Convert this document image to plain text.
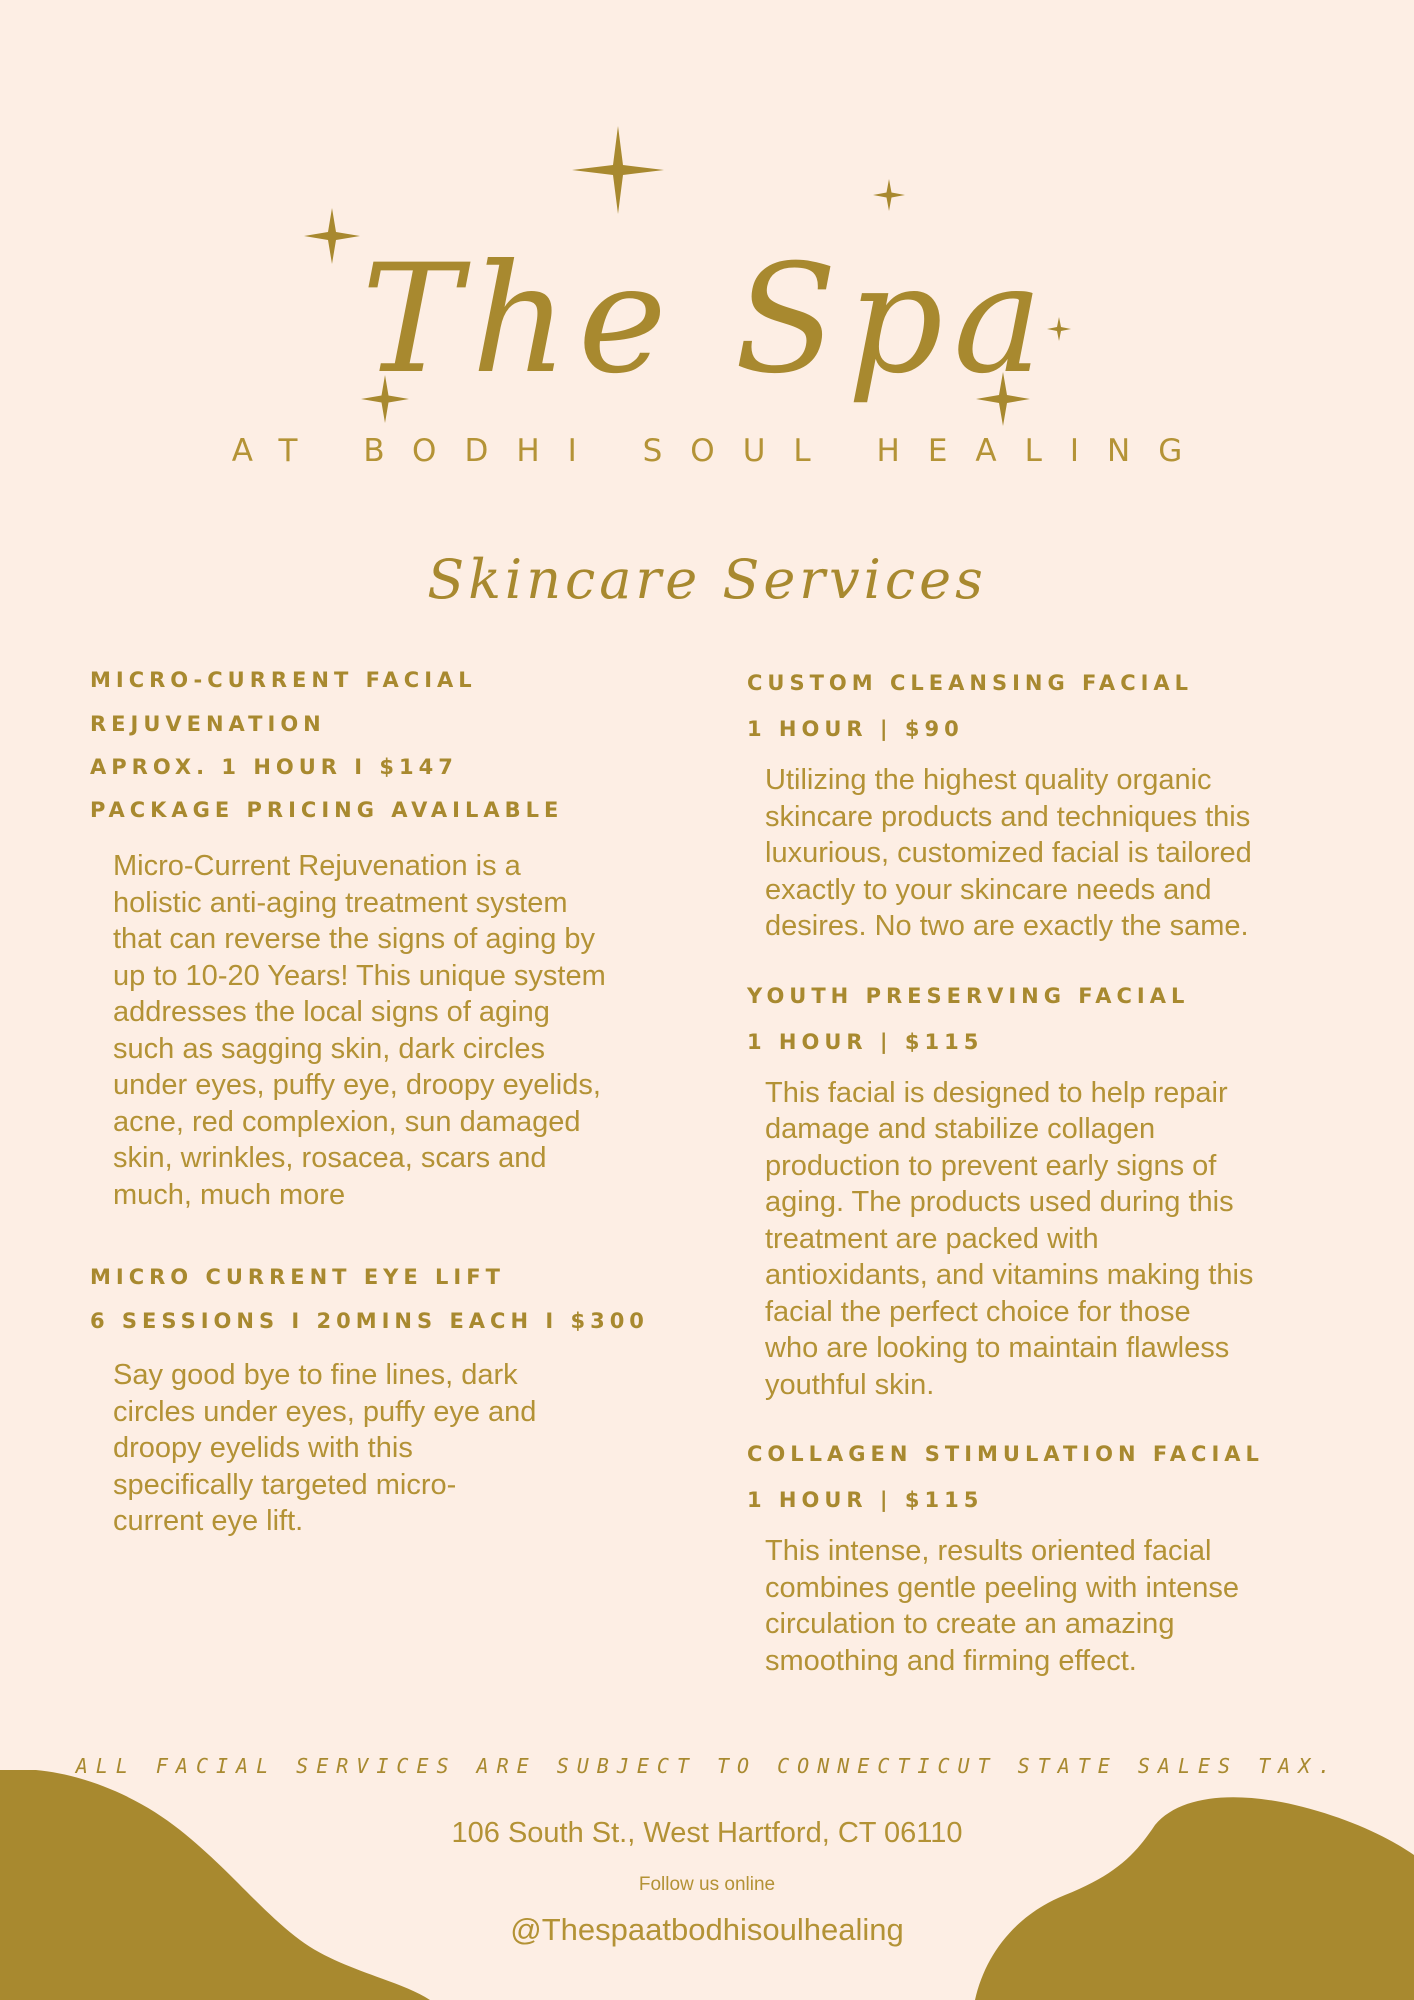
The Spa
AT BODHI SOUL HEALING
Skincare Services

MICRO-CURRENT FACIAL

REJUVENATION

APROX. 1 HOUR I $147

PACKAGE PRICING AVAILABLE

Micro-Current Rejuvenation is a

holistic anti-aging treatment system

that can reverse the signs of aging by

up to 10-20 Years! This unique system

addresses the local signs of aging

such as sagging skin, dark circles

under eyes, puffy eye, droopy eyelids,

acne, red complexion, sun damaged

skin, wrinkles, rosacea, scars and

much, much more

MICRO CURRENT EYE LIFT

6 SESSIONS I 20MINS EACH I $300

Say good bye to fine lines, dark

circles under eyes, puffy eye and

droopy eyelids with this

specifically targeted micro-

current eye lift.

CUSTOM CLEANSING FACIAL

1 HOUR | $90

Utilizing the highest quality organic

skincare products and techniques this

luxurious, customized facial is tailored

exactly to your skincare needs and

desires. No two are exactly the same.

YOUTH PRESERVING FACIAL

1 HOUR | $115

This facial is designed to help repair

damage and stabilize collagen

production to prevent early signs of

aging. The products used during this

treatment are packed with

antioxidants, and vitamins making this

facial the perfect choice for those

who are looking to maintain flawless

youthful skin.

COLLAGEN STIMULATION FACIAL

1 HOUR | $115

This intense, results oriented facial

combines gentle peeling with intense

circulation to create an amazing

smoothing and firming effect.

ALL FACIAL SERVICES ARE SUBJECT TO CONNECTICUT STATE SALES TAX.
106 South St., West Hartford, CT 06110
Follow us online
@Thespaatbodhisoulhealing
